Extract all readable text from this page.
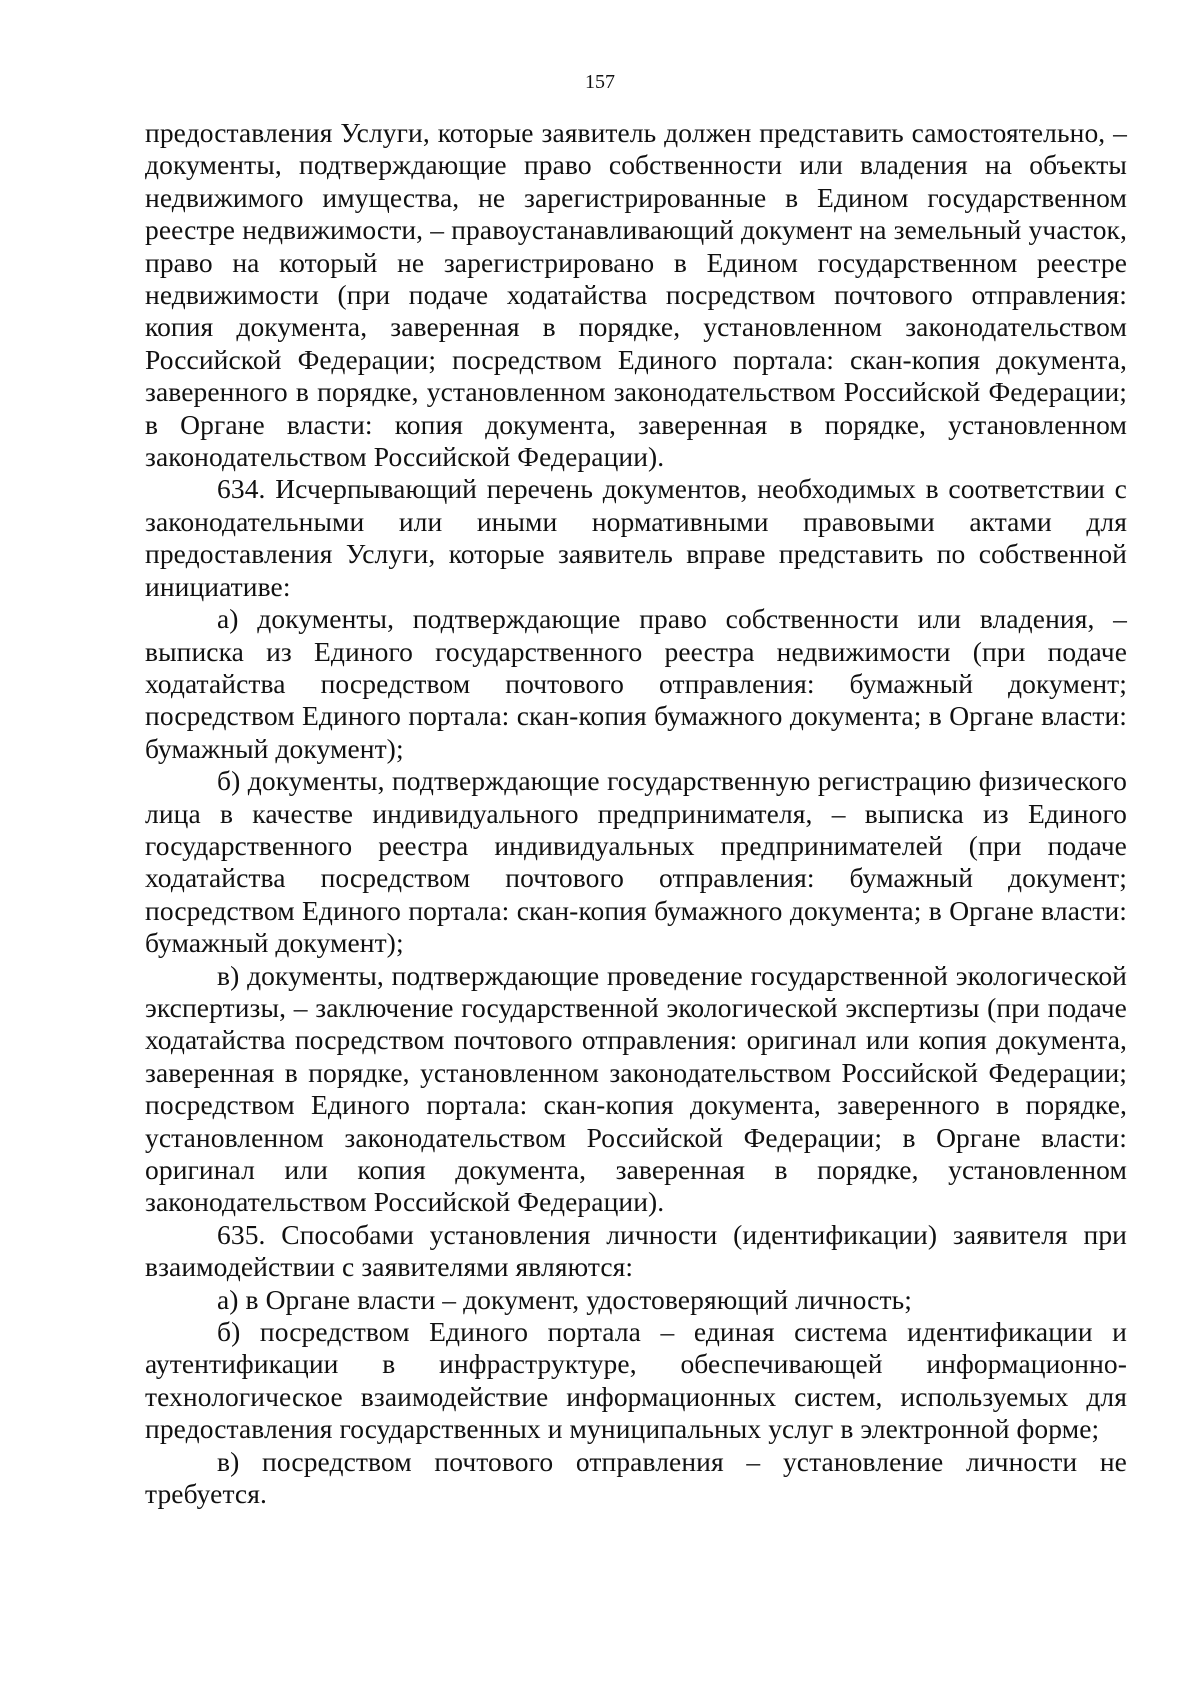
157

предоставления Услуги, которые заявитель должен представить самостоятельно, – документы, подтверждающие право собственности или владения на объекты недвижимого имущества, не зарегистрированные в Едином государственном реестре недвижимости, – правоустанавливающий документ на земельный участок, право на который не зарегистрировано в Едином государственном реестре недвижимости (при подаче ходатайства посредством почтового отправления: копия документа, заверенная в порядке, установленном законодательством Российской Федерации; посредством Единого портала: скан-копия документа, заверенного в порядке, установленном законодательством Российской Федерации; в Органе власти: копия документа, заверенная в порядке, установленном законодательством Российской Федерации).

634. Исчерпывающий перечень документов, необходимых в соответствии с законодательными или иными нормативными правовыми актами для предоставления Услуги, которые заявитель вправе представить по собственной инициативе:

а) документы, подтверждающие право собственности или владения, – выписка из Единого государственного реестра недвижимости (при подаче ходатайства посредством почтового отправления: бумажный документ; посредством Единого портала: скан-копия бумажного документа; в Органе власти: бумажный документ);

б) документы, подтверждающие государственную регистрацию физического лица в качестве индивидуального предпринимателя, – выписка из Единого государственного реестра индивидуальных предпринимателей (при подаче ходатайства посредством почтового отправления: бумажный документ; посредством Единого портала: скан-копия бумажного документа; в Органе власти: бумажный документ);

в) документы, подтверждающие проведение государственной экологической экспертизы, – заключение государственной экологической экспертизы (при подаче ходатайства посредством почтового отправления: оригинал или копия документа, заверенная в порядке, установленном законодательством Российской Федерации; посредством Единого портала: скан-копия документа, заверенного в порядке, установленном законодательством Российской Федерации; в Органе власти: оригинал или копия документа, заверенная в порядке, установленном законодательством Российской Федерации).

635. Способами установления личности (идентификации) заявителя при взаимодействии с заявителями являются:

а) в Органе власти – документ, удостоверяющий личность;

б) посредством Единого портала – единая система идентификации и аутентификации в инфраструктуре, обеспечивающей информационно-технологическое взаимодействие информационных систем, используемых для предоставления государственных и муниципальных услуг в электронной форме;

в) посредством почтового отправления – установление личности не требуется.
